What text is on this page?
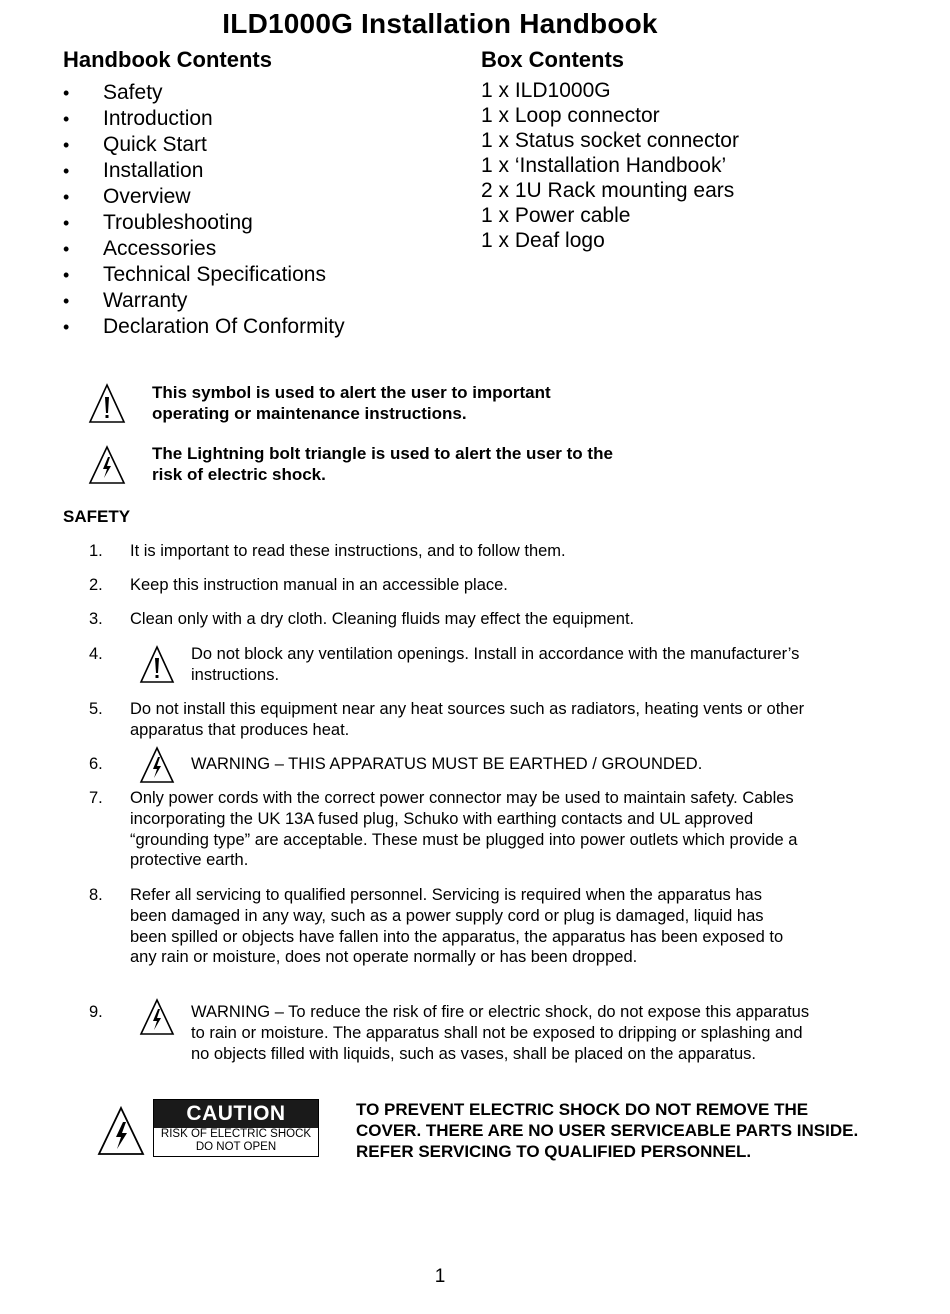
ILD1000G Installation Handbook
Handbook Contents	Box Contents
•	Safety
•	Introduction
•	Quick Start
•	Installation
•	Overview
•	Troubleshooting
•	Accessories
•	Technical Specifications
•	Warranty
•	Declaration Of Conformity
1 x ILD1000G
1 x Loop connector
1 x Status socket connector
1 x ‘Installation Handbook’
2 x 1U Rack mounting ears
1 x Power cable
1 x Deaf logo
This symbol is used to alert the user to important operating or maintenance instructions.
The Lightning bolt triangle is used to alert the user to the risk of electric shock.
SAFETY
1. It is important to read these instructions, and to follow them.
2. Keep this instruction manual in an accessible place.
3. Clean only with a dry cloth. Cleaning fluids may effect the equipment.
4.	Do not block any ventilation openings. Install in accordance with the manufacturer’s instructions.
5. Do not install this equipment near any heat sources such as radiators, heating vents or other apparatus that produces heat.
6.	WARNING – THIS APPARATUS MUST BE EARTHED / GROUNDED.
7. Only power cords with the correct power connector may be used to maintain safety. Cables incorporating the UK 13A fused plug, Schuko with earthing contacts and UL approved “grounding type” are acceptable. These must be plugged into power outlets which provide a protective earth.
8. Refer all servicing to qualified personnel. Servicing is required when the apparatus has been damaged in any way, such as a power supply cord or plug is damaged, liquid has been spilled or objects have fallen into the apparatus, the apparatus has been exposed to any rain or moisture, does not operate normally or has been dropped.
9.	WARNING – To reduce the risk of fire or electric shock, do not expose this apparatus to rain or moisture. The apparatus shall not be exposed to dripping or splashing and no objects filled with liquids, such as vases, shall be placed on the apparatus.
CAUTION
RISK OF ELECTRIC SHOCK
DO NOT OPEN
TO PREVENT ELECTRIC SHOCK DO NOT REMOVE THE COVER. THERE ARE NO USER SERVICEABLE PARTS INSIDE. REFER SERVICING TO QUALIFIED PERSONNEL.
1
